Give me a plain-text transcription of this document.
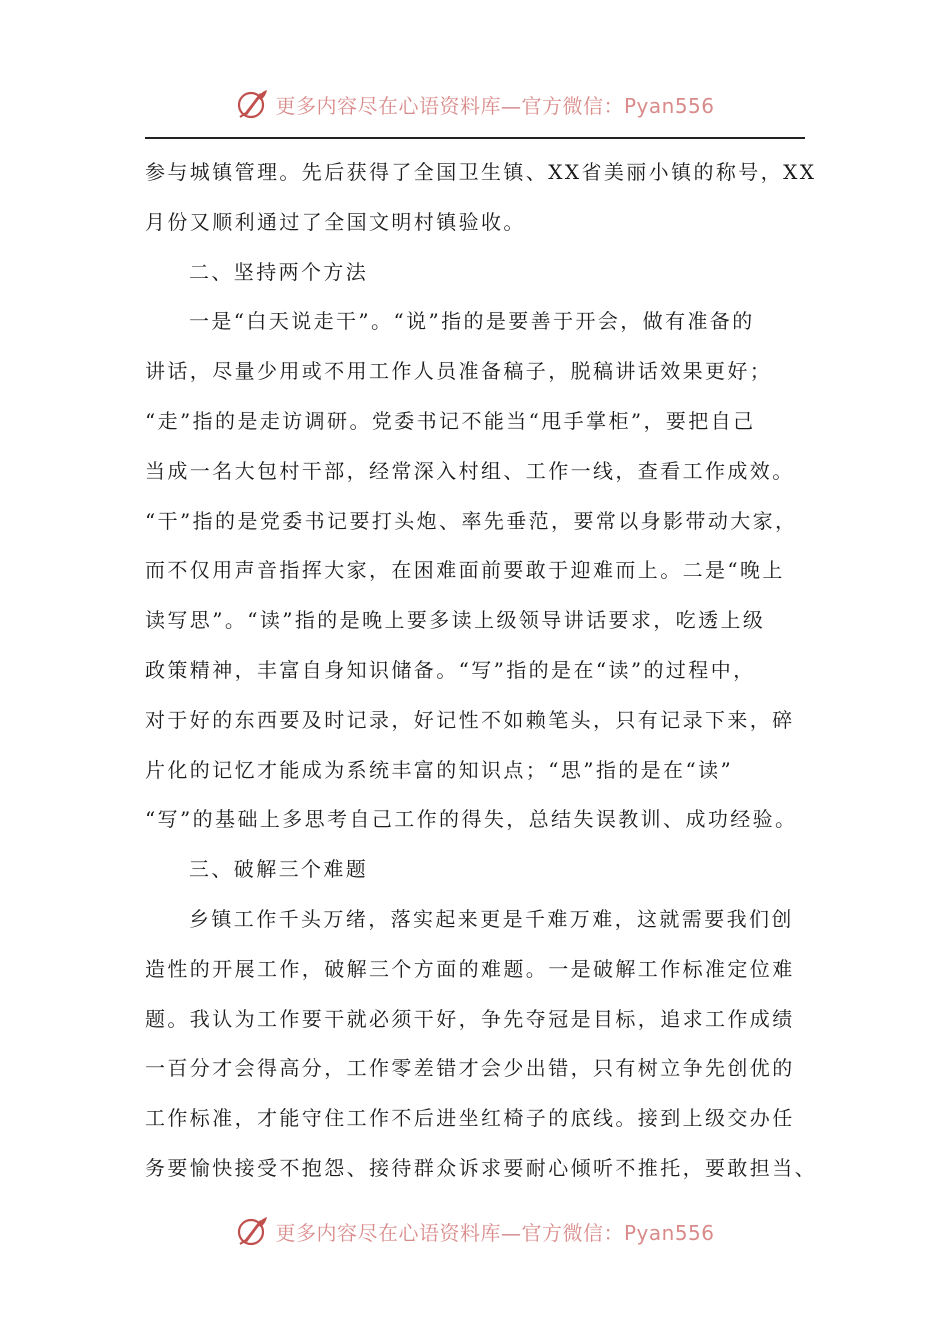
更多内容尽在心语资料库—官方微信：Pyan556
参与城镇管理。先后获得了全国卫生镇、XX省美丽小镇的称号，XX
月份又顺利通过了全国文明村镇验收。
二、坚持两个方法
一是“白天说走干”。“说”指的是要善于开会，做有准备的
讲话，尽量少用或不用工作人员准备稿子，脱稿讲话效果更好；
“走”指的是走访调研。党委书记不能当“甩手掌柜”，要把自己
当成一名大包村干部，经常深入村组、工作一线，查看工作成效。
“干”指的是党委书记要打头炮、率先垂范，要常以身影带动大家，
而不仅用声音指挥大家，在困难面前要敢于迎难而上。二是“晚上
读写思”。“读”指的是晚上要多读上级领导讲话要求，吃透上级
政策精神，丰富自身知识储备。“写”指的是在“读”的过程中，
对于好的东西要及时记录，好记性不如赖笔头，只有记录下来，碎
片化的记忆才能成为系统丰富的知识点；“思”指的是在“读”
“写”的基础上多思考自己工作的得失，总结失误教训、成功经验。
三、破解三个难题
乡镇工作千头万绪，落实起来更是千难万难，这就需要我们创
造性的开展工作，破解三个方面的难题。一是破解工作标准定位难
题。我认为工作要干就必须干好，争先夺冠是目标，追求工作成绩
一百分才会得高分，工作零差错才会少出错，只有树立争先创优的
工作标准，才能守住工作不后进坐红椅子的底线。接到上级交办任
务要愉快接受不抱怨、接待群众诉求要耐心倾听不推托，要敢担当、
更多内容尽在心语资料库—官方微信：Pyan556
